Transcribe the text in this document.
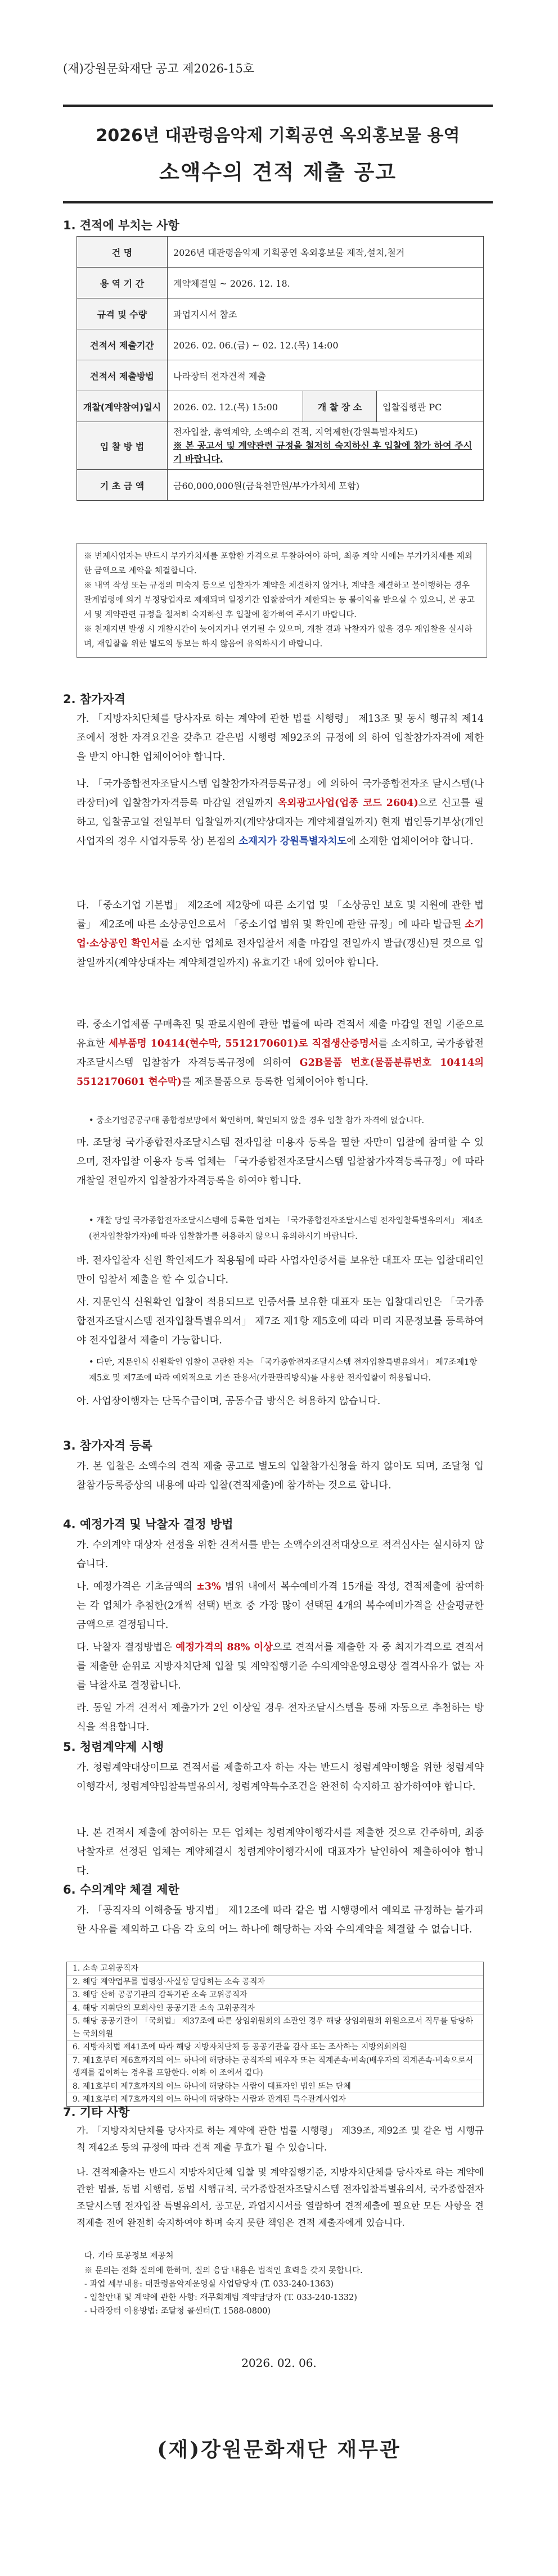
(재)강원문화재단 공고 제2026-15호
2026년 대관령음악제 기획공연 옥외홍보물 용역
소액수의 견적 제출 공고
1. 견적에 부치는 사항
건 명	2026년 대관령음악제 기획공연 옥외홍보물 제작,설치,철거		
용 역 기 간	계약체결일 ~ 2026. 12. 18.		
규격 및 수량	과업지시서 참조		
견적서 제출기간	2026. 02. 06.(금) ~ 02. 12.(목) 14:00		
견적서 제출방법	나라장터 전자견적 제출		
개찰(계약참여)일시	2026. 02. 12.(목) 15:00	개 찰 장 소	입찰집행관 PC
입 찰 방 법	전자입찰, 총액계약, 소액수의 견적, 지역제한(강원특별자치도)
※ 본 공고서 및 계약관련 규정을 철저히 숙지하신 후 입찰에 참가 하여 주시기 바랍니다.		

기 초 금 액	금60,000,000원(금육천만원/부가가치세 포함)		
※ 변제사업자는 반드시 부가가치세를 포함한 가격으로 투찰하여야 하며, 최종 계약 시에는 부가가치세를 제외한 금액으로 계약을 체결합니다.
※ 내역 작성 또는 규정의 미숙지 등으로 입찰자가 계약을 체결하지 않거나, 계약을 체결하고 불이행하는 경우 관계법령에 의거 부정당업자로 제재되며 일정기간 입찰참여가 제한되는 등 불이익을 받으실 수 있으니, 본 공고서 및 계약관련 규정을 철저히 숙지하신 후 입찰에 참가하여 주시기 바랍니다.
※ 천재지변 발생 시 개찰시간이 늦어지거나 연기될 수 있으며, 개찰 결과 낙찰자가 없을 경우 재입찰을 실시하며, 재입찰을 위한 별도의 통보는 하지 않음에 유의하시기 바랍니다.
2. 참가자격
가. 「지방자치단체를 당사자로 하는 계약에 관한 법률 시행령」 제13조 및 동시 행규칙 제14조에서 정한 자격요건을 갖추고 같은법 시행령 제92조의 규정에 의 하여 입찰참가자격에 제한을 받지 아니한 업체이어야 합니다.
나. 「국가종합전자조달시스템 입찰참가자격등록규정」에 의하여 국가종합전자조 달시스템(나라장터)에 입찰참가자격등록 마감일 전일까지 옥외광고사업(업종 코드 2604)으로 신고를 필하고, 입찰공고일 전일부터 입찰일까지(계약상대자는 계약체결일까지) 현재 법인등기부상(개인사업자의 경우 사업자등록 상) 본점의 소재지가 강원특별자치도에 소재한 업체이어야 합니다.
다. 「중소기업 기본법」 제2조에 제2항에 따른 소기업 및 「소상공인 보호 및 지원에 관한 법률」 제2조에 따른 소상공인으로서 「중소기업 범위 및 확인에 관한 규정」에 따라 발급된 소기업·소상공인 확인서를 소지한 업체로 전자입찰서 제출 마감일 전일까지 발급(갱신)된 것으로 입찰일까지(계약상대자는 계약체결일까지) 유효기간 내에 있어야 합니다.
라. 중소기업제품 구매촉진 및 판로지원에 관한 법률에 따라 견적서 제출 마감일 전일 기준으로 유효한 세부품명 10414(현수막, 5512170601)로 직접생산증명서를 소지하고, 국가종합전자조달시스템 입찰참가 자격등록규정에 의하여 G2B물품 번호(물품분류번호 10414의 5512170601 현수막)를 제조물품으로 등록한 업체이어야 합니다.
• 중소기업공공구매 종합정보망에서 확인하며, 확인되지 않을 경우 입찰 참가 자격에 없습니다.
마. 조달청 국가종합전자조달시스템 전자입찰 이용자 등록을 필한 자만이 입찰에 참여할 수 있으며, 전자입찰 이용자 등록 업체는 「국가종합전자조달시스템 입찰참가자격등록규정」에 따라 개찰일 전일까지 입찰참가자격등록을 하여야 합니다.
• 개찰 당일 국가종합전자조달시스템에 등록한 업체는 「국가종합전자조달시스템 전자입찰특별유의서」 제4조(전자입찰참가자)에 따라 입찰참가를 허용하지 않으니 유의하시기 바랍니다.
바. 전자입찰자 신원 확인제도가 적용됨에 따라 사업자인증서를 보유한 대표자 또는 입찰대리인만이 입찰서 제출을 할 수 있습니다.
사. 지문인식 신원확인 입찰이 적용되므로 인증서를 보유한 대표자 또는 입찰대리인은 「국가종합전자조달시스템 전자입찰특별유의서」 제7조 제1항 제5호에 따라 미리 지문정보를 등록하여야 전자입찰서 제출이 가능합니다.
• 다만, 지문인식 신원확인 입찰이 곤란한 자는 「국가종합전자조달시스템 전자입찰특별유의서」 제7조제1항제5호 및 제7조에 따라 예외적으로 기존 관용서(가관관리방식)를 사용한 전자입찰이 허용됩니다.
아. 사업장이행자는 단독수급이며, 공동수급 방식은 허용하지 않습니다.
3. 참가자격 등록
가. 본 입찰은 소액수의 견적 제출 공고로 별도의 입찰참가신청을 하지 않아도 되며, 조달청 입찰참가등록증상의 내용에 따라 입찰(견적제출)에 참가하는 것으로 합니다.
4. 예정가격 및 낙찰자 결정 방법
가. 수의계약 대상자 선정을 위한 견적서를 받는 소액수의견적대상으로 적격심사는 실시하지 않습니다.
나. 예정가격은 기초금액의 ±3% 범위 내에서 복수예비가격 15개를 작성, 견적제출에 참여하는 각 업체가 추첨한(2개씩 선택) 번호 중 가장 많이 선택된 4개의 복수예비가격을 산술평균한 금액으로 결정됩니다.
다. 낙찰자 결정방법은 예정가격의 88% 이상으로 견적서를 제출한 자 중 최저가격으로 견적서를 제출한 순위로 지방자치단체 입찰 및 계약집행기준 수의계약운영요령상 결격사유가 없는 자를 낙찰자로 결정합니다.
라. 동일 가격 견적서 제출가가 2인 이상일 경우 전자조달시스템을 통해 자동으로 추첨하는 방식을 적용합니다.
5. 청렴계약제 시행
가. 청렴계약대상이므로 견적서를 제출하고자 하는 자는 반드시 청렴계약이행을 위한 청렴계약이행각서, 청렴계약입찰특별유의서, 청렴계약특수조건을 완전히 숙지하고 참가하여야 합니다.
나. 본 견적서 제출에 참여하는 모든 업체는 청렴계약이행각서를 제출한 것으로 간주하며, 최종 낙찰자로 선정된 업체는 계약체결시 청렴계약이행각서에 대표자가 날인하여 제출하여야 합니다.
6. 수의계약 체결 제한
가. 「공직자의 이해충돌 방지법」 제12조에 따라 같은 법 시행령에서 예외로 규정하는 불가피한 사유를 제외하고 다음 각 호의 어느 하나에 해당하는 자와 수의계약을 체결할 수 없습니다.
1. 소속 고위공직자
2. 해당 계약업무를 법령상·사실상 담당하는 소속 공직자
3. 해당 산하 공공기관의 감독기관 소속 고위공직자
4. 해당 지휘단의 모회사인 공공기관 소속 고위공직자
5. 해당 공공기관이 「국회법」 제37조에 따른 상임위원회의 소관인 경우 해당 상임위원회 위원으로서 직무를 담당하는 국회의원
6. 지방자치법 제41조에 따라 해당 지방자치단체 등 공공기관을 감사 또는 조사하는 지방의회의원
7. 제1호부터 제6호까지의 어느 하나에 해당하는 공직자의 배우자 또는 직계존속·비속(배우자의 직계존속·비속으로서 생계를 같이하는 경우를 포함한다. 이하 이 조에서 같다)
8. 제1호부터 제7호까지의 어느 하나에 해당하는 사람이 대표자인 법인 또는 단체
9. 제1호부터 제7호까지의 어느 하나에 해당하는 사람과 관계된 특수관계사업자
7. 기타 사항
가. 「지방자치단체를 당사자로 하는 계약에 관한 법률 시행령」 제39조, 제92조 및 같은 법 시행규칙 제42조 등의 규정에 따라 견적 제출 무효가 될 수 있습니다.
나. 견적제출자는 반드시 지방자치단체 입찰 및 계약집행기준, 지방자치단체를 당사자로 하는 계약에 관한 법률, 동법 시행령, 동법 시행규칙, 국가종합전자조달시스템 전자입찰특별유의서, 국가종합전자조달시스템 전자입찰 특별유의서, 공고문, 과업지시서를 열람하여 견적제출에 필요한 모든 사항을 견적제출 전에 완전히 숙지하여야 하며 숙지 못한 책임은 견적 제출자에게 있습니다.
다. 기타 토공정보 제공처
※ 문의는 전화 질의에 한하며, 질의 응답 내용은 법적인 효력을 갖지 못합니다.
- 과업 세부내용: 대관령음악제운영실 사업담당자 (T. 033-240-1363)
- 입찰안내 및 계약에 관한 사항: 재무회계팀 계약담당자 (T. 033-240-1332)
- 나라장터 이용방법: 조달청 콜센터(T. 1588-0800)
2026. 02. 06.
(재)강원문화재단 재무관
